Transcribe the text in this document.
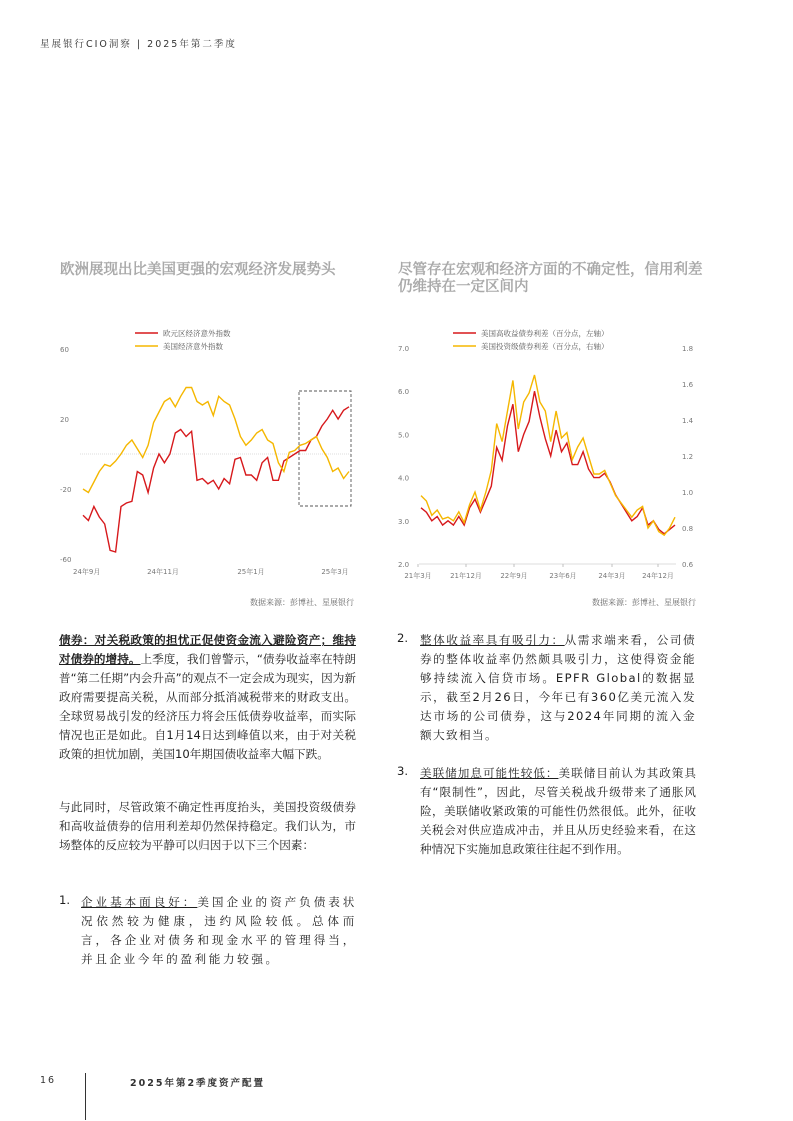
星展银行CIO洞察 | 2025年第二季度
欧洲展现出比美国更强的宏观经济发展势头	尽管存在宏观和经济方面的不确定性，信用利差仍维持在一定区间内
60
20
-20
-60
24年9月	24年11月	25年1月	25年3月
欧元区经济意外指数
美国经济意外指数
2.0
3.0
4.0
5.0
6.0
7.0
0.6
0.8
1.0
1.2
1.4
1.6
1.8
21年3月	21年12月	22年9月	23年6月	24年3月 24年12月
美国高收益债券利差（百分点，左轴）
美国投资级债券利差（百分点，右轴）
数据来源：彭博社、星展银行	数据来源：彭博社、星展银行

债券：对关税政策的担忧正促使资金流入避险资产；维持对债券的增持。上季度，我们曾警示，“债券收益率在特朗普“第二任期”内会升高”的观点不一定会成为现实，因为新政府需要提高关税，从而部分抵消减税带来的财政支出。全球贸易战引发的经济压力将会压低债券收益率，而实际情况也正是如此。自1月14日达到峰值以来，由于对关税政策的担忧加剧，美国10年期国债收益率大幅下跌。

与此同时，尽管政策不确定性再度抬头，美国投资级债券和高收益债券的信用利差却仍然保持稳定。我们认为，市场整体的反应较为平静可以归因于以下三个因素：

1. 企业基本面良好：美国企业的资产负债表状况依然较为健康，违约风险较低。总体而言，各企业对债务和现金水平的管理得当，并且企业今年的盈利能力较强。

2. 整体收益率具有吸引力：从需求端来看，公司债券的整体收益率仍然颇具吸引力，这使得资金能够持续流入信贷市场。EPFR Global的数据显示，截至2月26日，今年已有360亿美元流入发达市场的公司债券，这与2024年同期的流入金额大致相当。

3. 美联储加息可能性较低：美联储目前认为其政策具有“限制性”，因此，尽管关税战升级带来了通胀风险，美联储收紧政策的可能性仍然很低。此外，征收关税会对供应造成冲击，并且从历史经验来看，在这种情况下实施加息政策往往起不到作用。

16	2025年第2季度资产配置
